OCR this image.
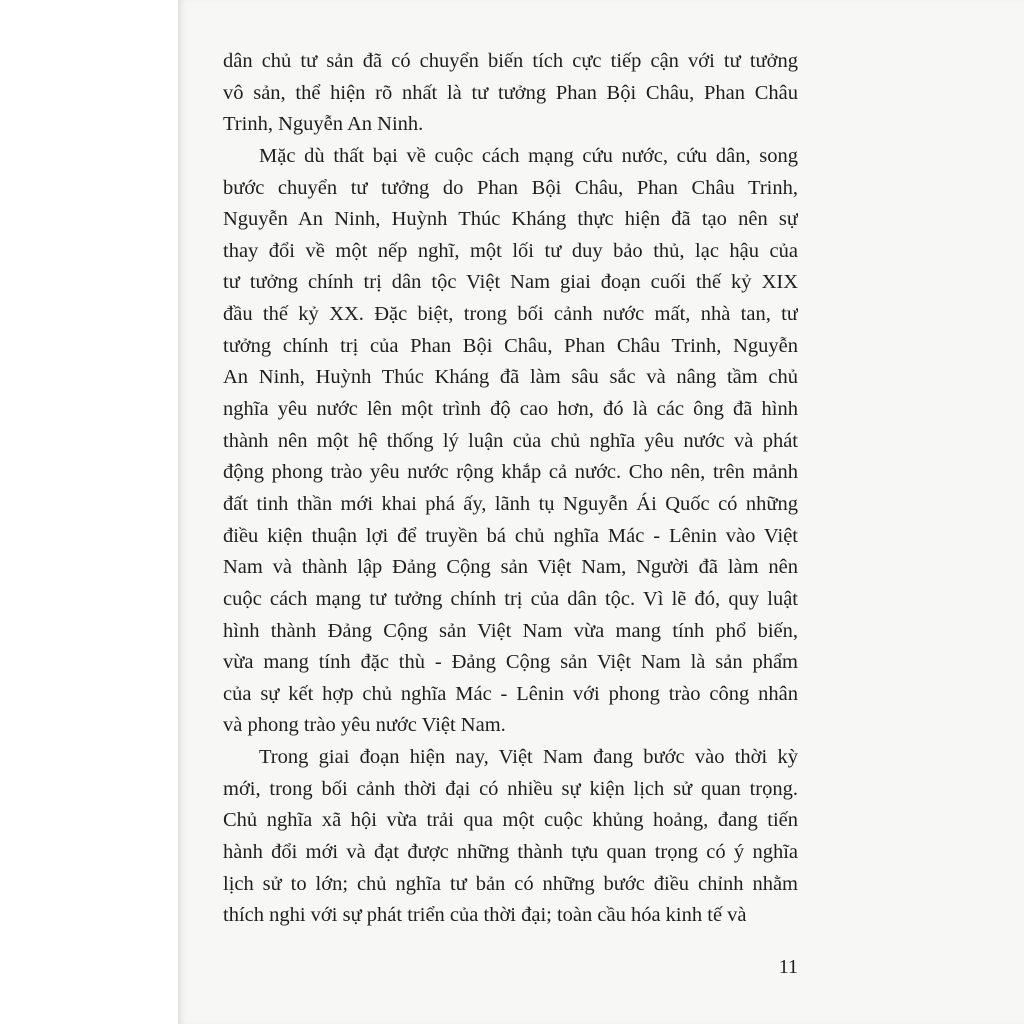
dân chủ tư sản đã có chuyển biến tích cực tiếp cận với tư tưởng
vô sản, thể hiện rõ nhất là tư tưởng Phan Bội Châu, Phan Châu
Trinh, Nguyễn An Ninh.
Mặc dù thất bại về cuộc cách mạng cứu nước, cứu dân, song
bước chuyển tư tưởng do Phan Bội Châu, Phan Châu Trinh,
Nguyễn An Ninh, Huỳnh Thúc Kháng thực hiện đã tạo nên sự
thay đổi về một nếp nghĩ, một lối tư duy bảo thủ, lạc hậu của
tư tưởng chính trị dân tộc Việt Nam giai đoạn cuối thế kỷ XIX
đầu thế kỷ XX. Đặc biệt, trong bối cảnh nước mất, nhà tan, tư
tưởng chính trị của Phan Bội Châu, Phan Châu Trinh, Nguyễn
An Ninh, Huỳnh Thúc Kháng đã làm sâu sắc và nâng tầm chủ
nghĩa yêu nước lên một trình độ cao hơn, đó là các ông đã hình
thành nên một hệ thống lý luận của chủ nghĩa yêu nước và phát
động phong trào yêu nước rộng khắp cả nước. Cho nên, trên mảnh
đất tinh thần mới khai phá ấy, lãnh tụ Nguyễn Ái Quốc có những
điều kiện thuận lợi để truyền bá chủ nghĩa Mác - Lênin vào Việt
Nam và thành lập Đảng Cộng sản Việt Nam, Người đã làm nên
cuộc cách mạng tư tưởng chính trị của dân tộc. Vì lẽ đó, quy luật
hình thành Đảng Cộng sản Việt Nam vừa mang tính phổ biến,
vừa mang tính đặc thù - Đảng Cộng sản Việt Nam là sản phẩm
của sự kết hợp chủ nghĩa Mác - Lênin với phong trào công nhân
và phong trào yêu nước Việt Nam.
Trong giai đoạn hiện nay, Việt Nam đang bước vào thời kỳ
mới, trong bối cảnh thời đại có nhiều sự kiện lịch sử quan trọng.
Chủ nghĩa xã hội vừa trải qua một cuộc khủng hoảng, đang tiến
hành đổi mới và đạt được những thành tựu quan trọng có ý nghĩa
lịch sử to lớn; chủ nghĩa tư bản có những bước điều chỉnh nhằm
thích nghi với sự phát triển của thời đại; toàn cầu hóa kinh tế và
11
